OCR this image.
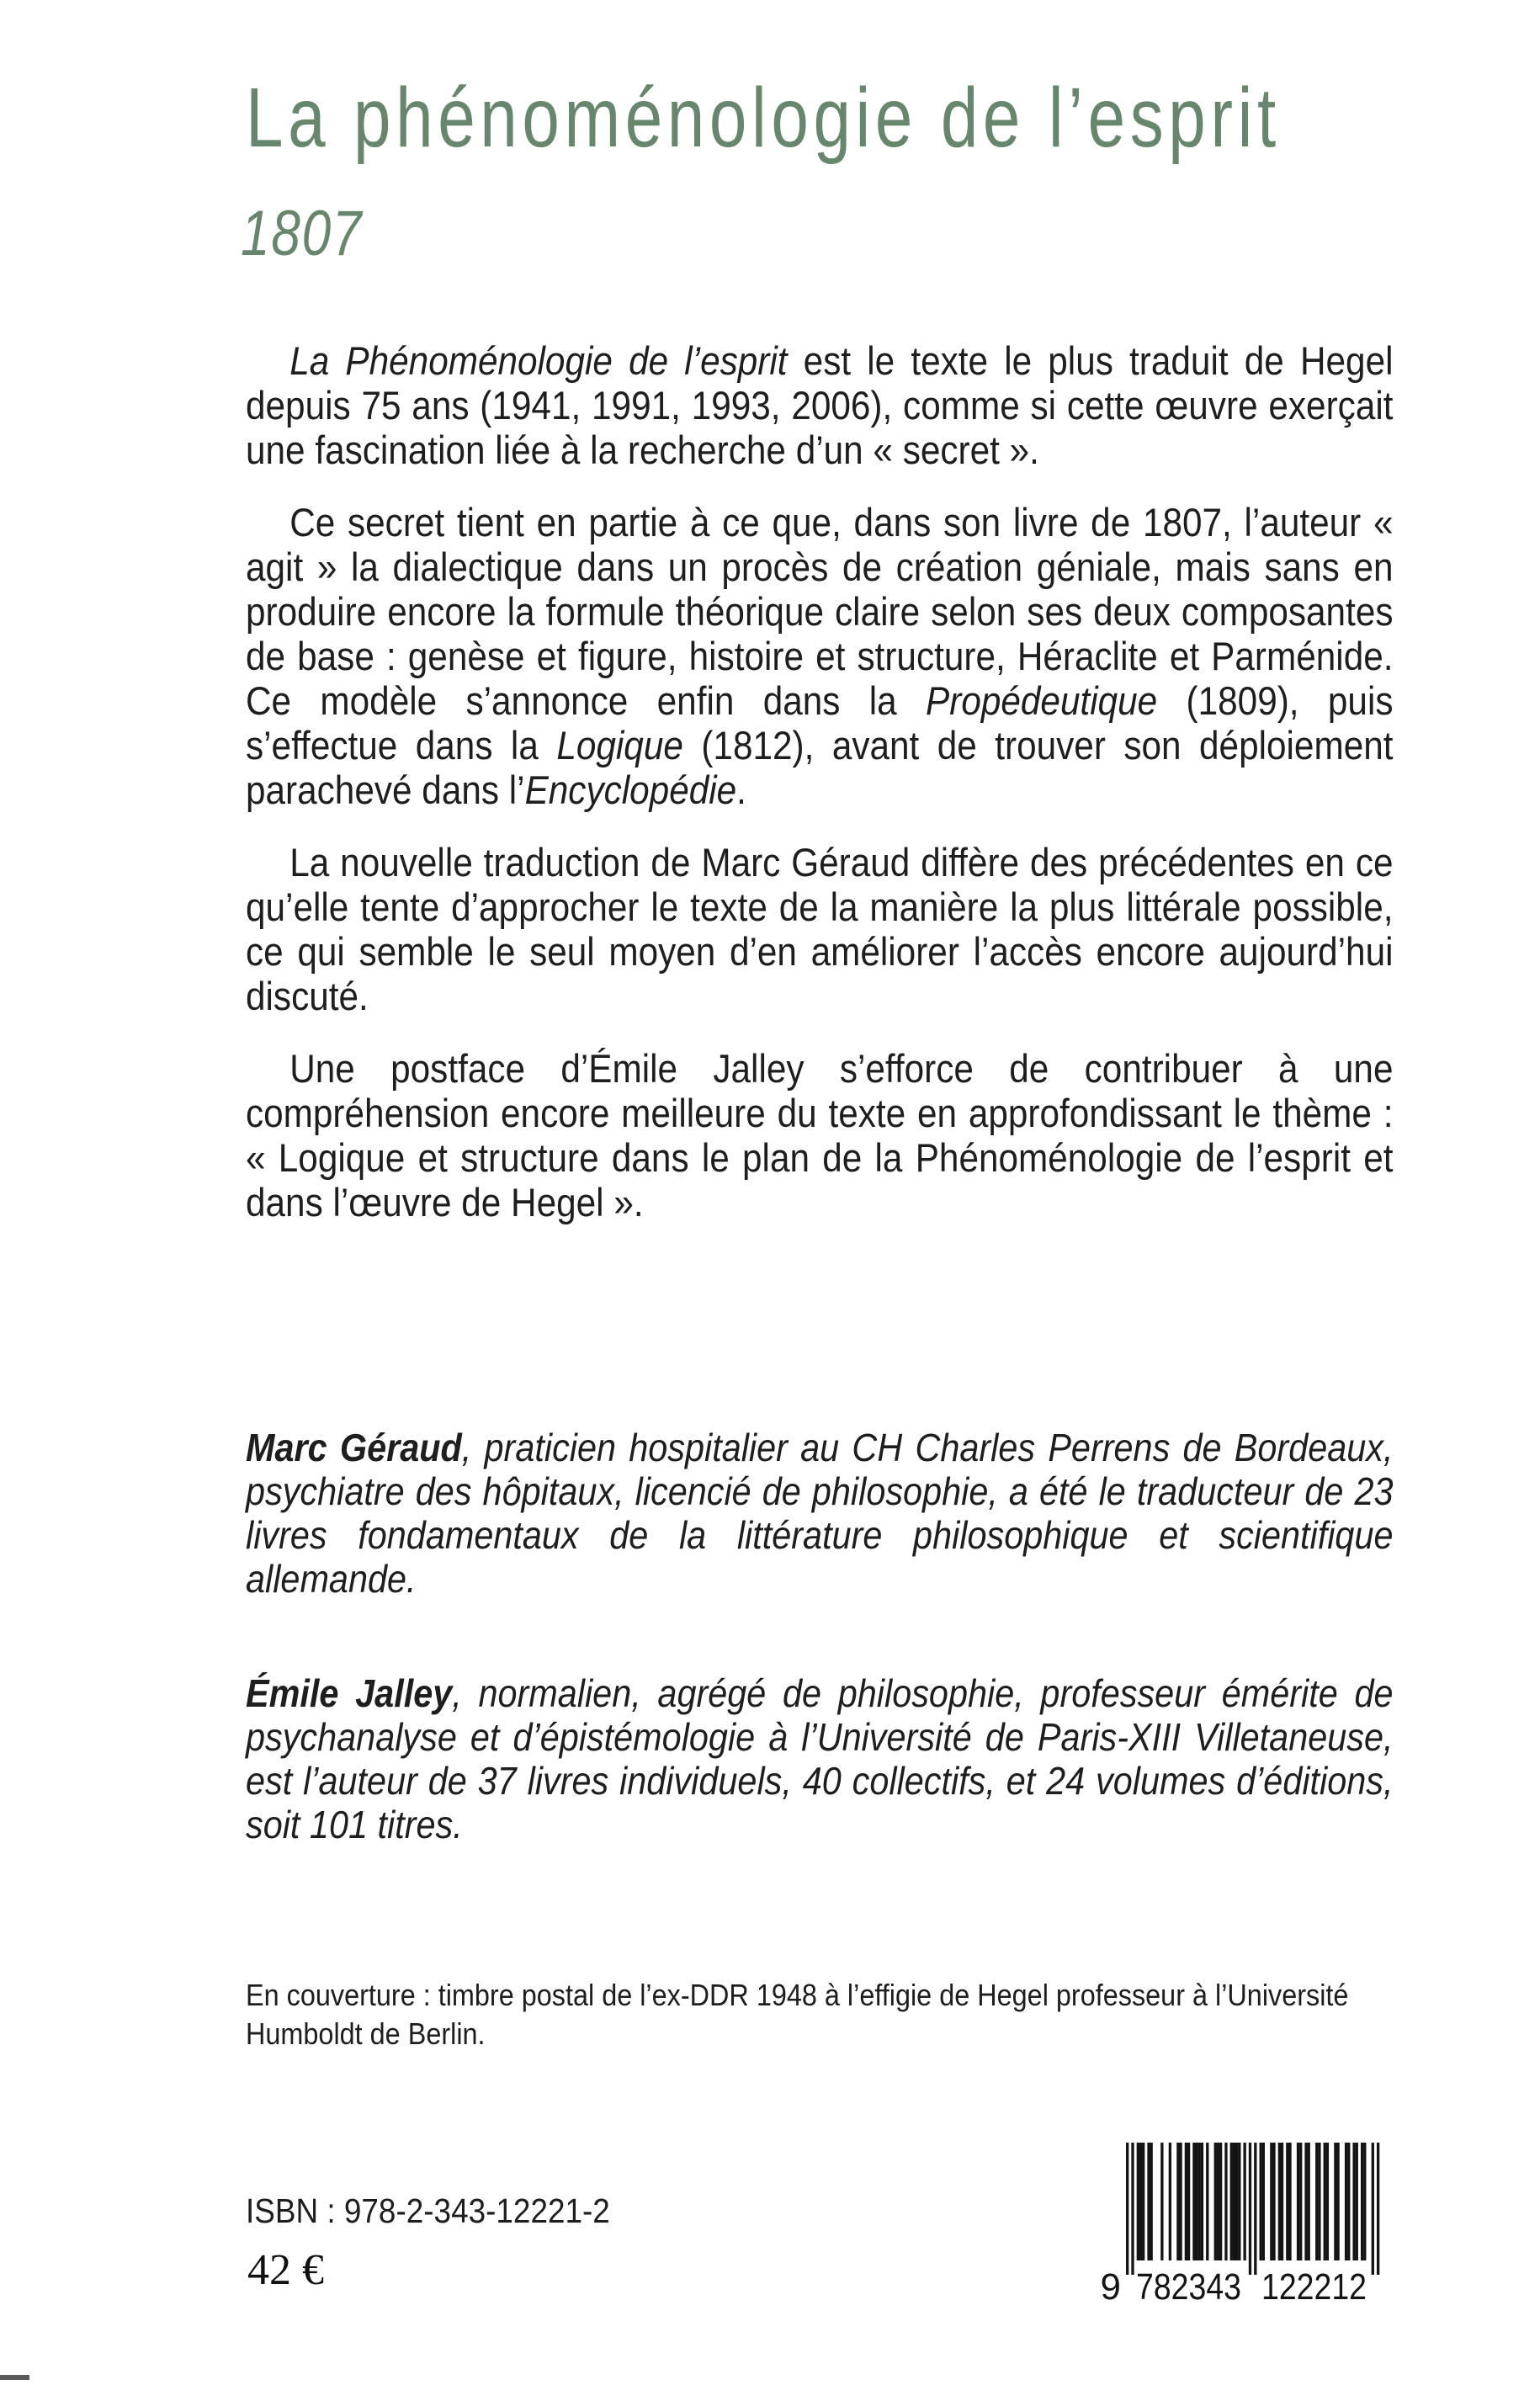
La phénoménologie de l’esprit
1807

La Phénoménologie de l’esprit est le texte le plus traduit de Hegel depuis 75 ans (1941, 1991, 1993, 2006), comme si cette œuvre exerçait une fascination liée à la recherche d’un « secret ».

Ce secret tient en partie à ce que, dans son livre de 1807, l’auteur « agit » la dialectique dans un procès de création géniale, mais sans en produire encore la formule théorique claire selon ses deux composantes de base : genèse et figure, histoire et structure, Héraclite et Parménide. Ce modèle s’annonce enfin dans la Propédeutique (1809), puis s’effectue dans la Logique (1812), avant de trouver son déploiement parachevé dans l’Encyclopédie.

La nouvelle traduction de Marc Géraud diffère des précédentes en ce qu’elle tente d’approcher le texte de la manière la plus littérale possible, ce qui semble le seul moyen d’en améliorer l’accès encore aujourd’hui discuté.

Une postface d’Émile Jalley s’efforce de contribuer à une compréhension encore meilleure du texte en approfondissant le thème : « Logique et structure dans le plan de la Phénoménologie de l’esprit et dans l’œuvre de Hegel ».

Marc Géraud, praticien hospitalier au CH Charles Perrens de Bordeaux, psychiatre des hôpitaux, licencié de philosophie, a été le traducteur de 23 livres fondamentaux de la littérature philosophique et scientifique allemande.

Émile Jalley, normalien, agrégé de philosophie, professeur émérite de psychanalyse et d’épistémologie à l’Université de Paris-XIII Villetaneuse, est l’auteur de 37 livres individuels, 40 collectifs, et 24 volumes d’éditions, soit 101 titres.

En couverture : timbre postal de l’ex-DDR 1948 à l’effigie de Hegel professeur à l’Université Humboldt de Berlin.

ISBN : 978-2-343-12221-2
42 €	9 782343 122212
